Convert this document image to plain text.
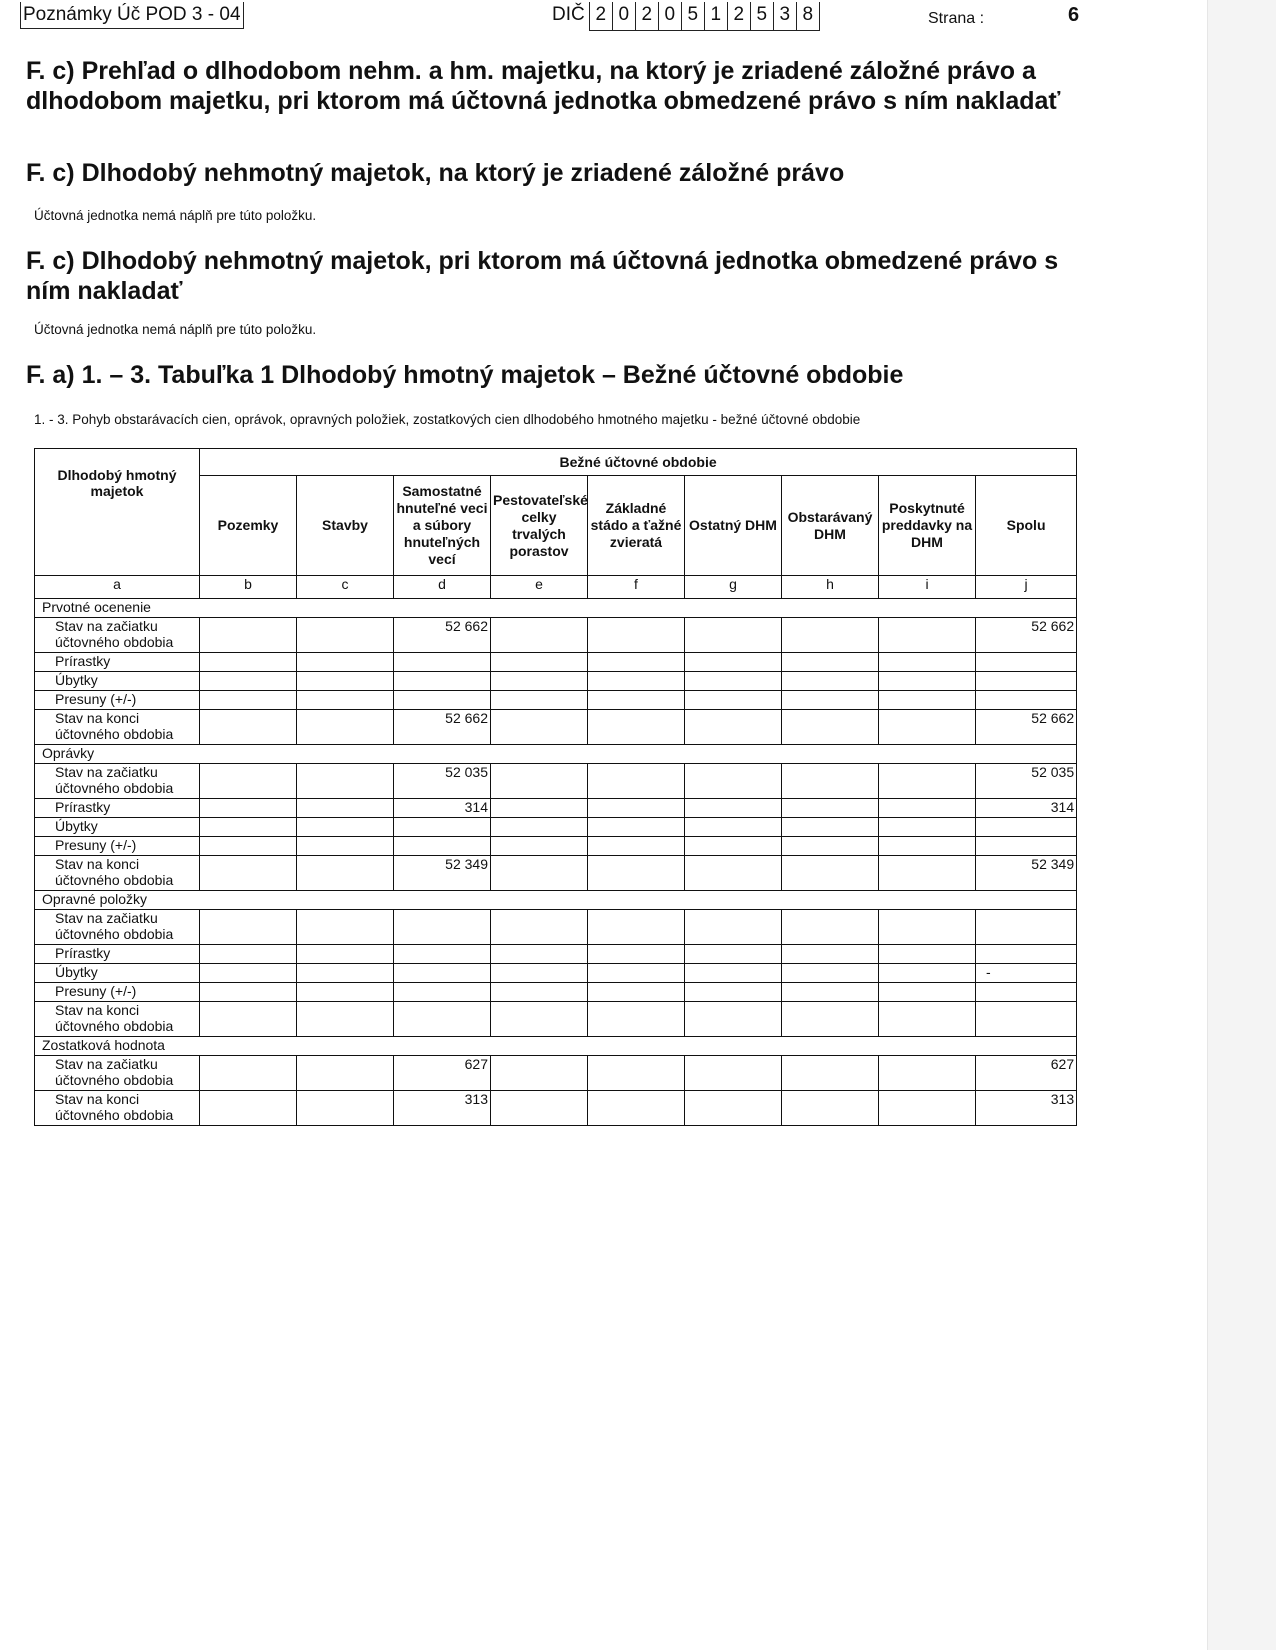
Poznámky Úč POD 3 - 04	DIČ 2 0 2 0 5 1 2 5 3 8	Strana :	6
F. c) Prehľad o dlhodobom nehm. a hm. majetku, na ktorý je zriadené záložné právo a dlhodobom majetku, pri ktorom má účtovná jednotka obmedzené právo s ním nakladať
F. c) Dlhodobý nehmotný majetok, na ktorý je zriadené záložné právo
Účtovná jednotka nemá náplň pre túto položku.
F. c) Dlhodobý nehmotný majetok, pri ktorom má účtovná jednotka obmedzené právo s ním nakladať
Účtovná jednotka nemá náplň pre túto položku.
F. a) 1. – 3. Tabuľka 1 Dlhodobý hmotný majetok – Bežné účtovné obdobie
1. - 3. Pohyb obstarávacích cien, oprávok, opravných položiek, zostatkových cien dlhodobého hmotného majetku - bežné účtovné obdobie
Dlhodobý hmotný majetok	Bežné účtovné obdobie								
	Pozemky	Stavby	Samostatné hnuteľné veci a súbory hnuteľných vecí	Pestovateľské celky trvalých porastov	Základné stádo a ťažné zvieratá	Ostatný DHM	Obstarávaný DHM	Poskytnuté preddavky na DHM	Spolu
a	b	c	d	e	f	g	h	i	j
Prvotné ocenenie									
Stav na začiatku účtovného obdobia			52 662						52 662
Prírastky									
Úbytky									
Presuny (+/-)									
Stav na konci účtovného obdobia			52 662						52 662
Oprávky									
Stav na začiatku účtovného obdobia			52 035						52 035
Prírastky			314						314
Úbytky									
Presuny (+/-)									
Stav na konci účtovného obdobia			52 349						52 349
Opravné položky									
Stav na začiatku účtovného obdobia									
Prírastky									
Úbytky									-
Presuny (+/-)									
Stav na konci účtovného obdobia									
Zostatková hodnota									
Stav na začiatku účtovného obdobia			627						627
Stav na konci účtovného obdobia			313						313
